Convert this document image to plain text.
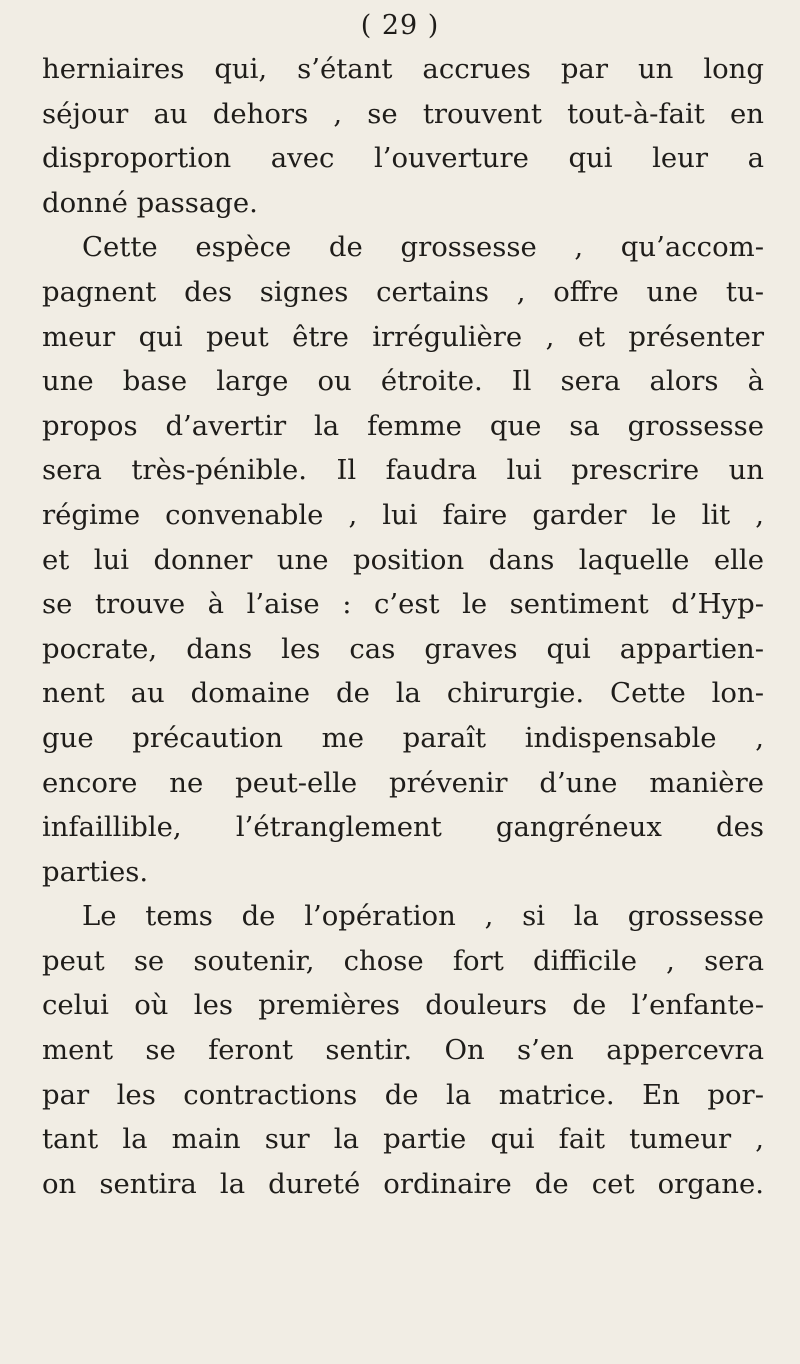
( 29 )
herniaires qui, s’étant accrues par un long
séjour au dehors , se trouvent tout-à-fait en
disproportion avec l’ouverture qui leur a
donné passage.
Cette espèce de grossesse , qu’accom-
pagnent des signes certains , offre une tu-
meur qui peut être irrégulière , et présenter
une base large ou étroite. Il sera alors à
propos d’avertir la femme que sa grossesse
sera très-pénible. Il faudra lui prescrire un
régime convenable , lui faire garder le lit ,
et lui donner une position dans laquelle elle
se trouve à l’aise : c’est le sentiment d’Hyp-
pocrate, dans les cas graves qui appartien-
nent au domaine de la chirurgie. Cette lon-
gue précaution me paraît indispensable ,
encore ne peut-elle prévenir d’une manière
infaillible, l’étranglement gangréneux des
parties.
Le tems de l’opération , si la grossesse
peut se soutenir, chose fort difficile , sera
celui où les premières douleurs de l’enfante-
ment se feront sentir. On s’en appercevra
par les contractions de la matrice. En por-
tant la main sur la partie qui fait tumeur ,
on sentira la dureté ordinaire de cet organe.
